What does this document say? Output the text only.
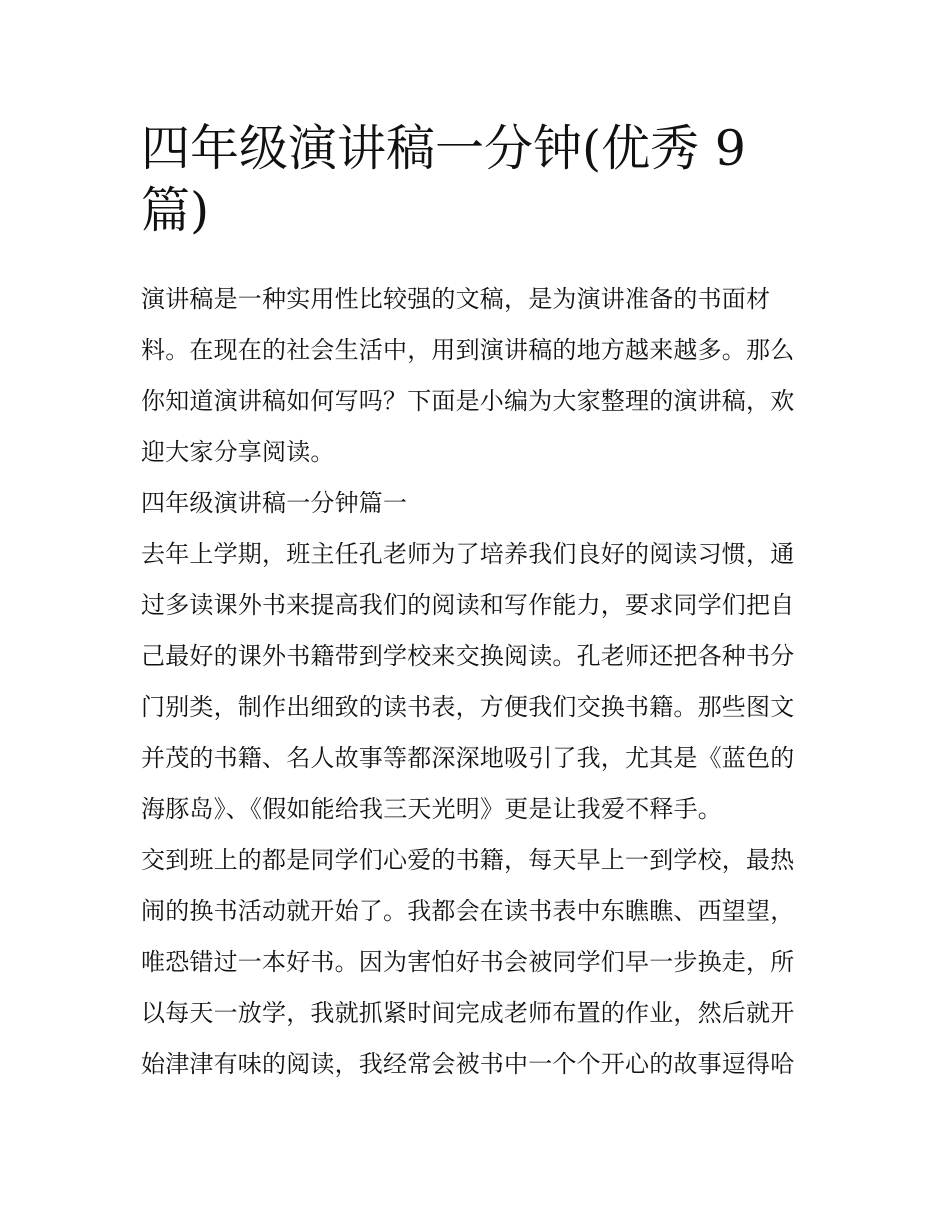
四年级演讲稿一分钟(优秀 9
篇)
演讲稿是一种实用性比较强的文稿，是为演讲准备的书面材
料。在现在的社会生活中，用到演讲稿的地方越来越多。那么
你知道演讲稿如何写吗？下面是小编为大家整理的演讲稿，欢
迎大家分享阅读。
四年级演讲稿一分钟篇一
去年上学期，班主任孔老师为了培养我们良好的阅读习惯，通
过多读课外书来提高我们的阅读和写作能力，要求同学们把自
己最好的课外书籍带到学校来交换阅读。孔老师还把各种书分
门别类，制作出细致的读书表，方便我们交换书籍。那些图文
并茂的书籍、名人故事等都深深地吸引了我，尤其是《蓝色的
海豚岛》、《假如能给我三天光明》更是让我爱不释手。
交到班上的都是同学们心爱的书籍，每天早上一到学校，最热
闹的换书活动就开始了。我都会在读书表中东瞧瞧、西望望，
唯恐错过一本好书。因为害怕好书会被同学们早一步换走，所
以每天一放学，我就抓紧时间完成老师布置的作业，然后就开
始津津有味的阅读，我经常会被书中一个个开心的故事逗得哈
